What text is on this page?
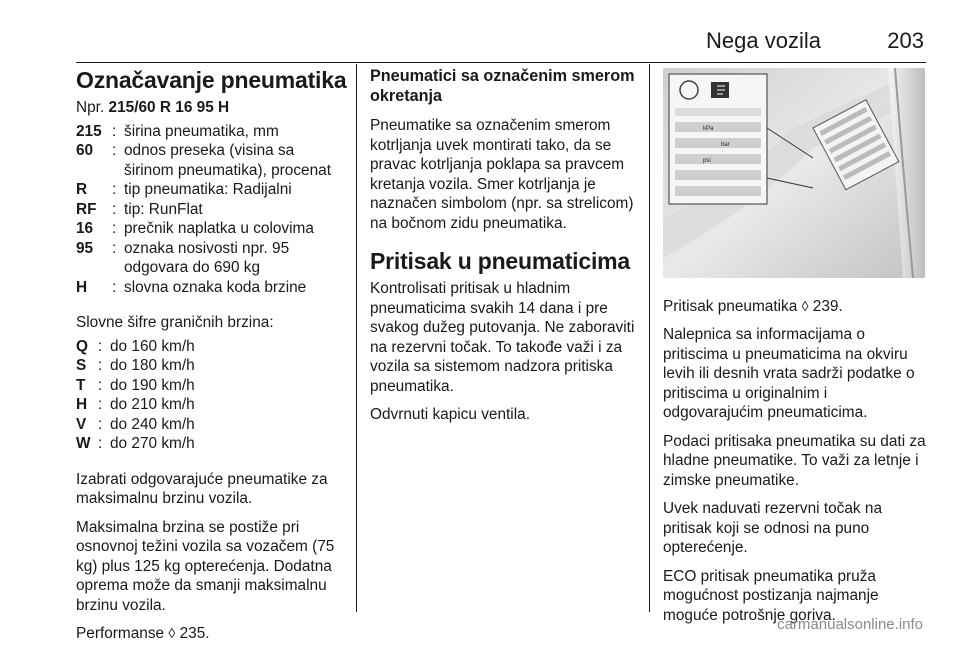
Nega vozila	203
Označavanje pneumatika

Npr. 215/60 R 16 95 H

215 : širina pneumatika, mm
60	: odnos preseka (visina sa širinom pneumatika), procenat
R	: tip pneumatika: Radijalni
RF	: tip: RunFlat
16	: prečnik naplatka u colovima
95	: oznaka nosivosti npr. 95 odgovara do 690 kg
H	: slovna oznaka koda brzine

Slovne šifre graničnih brzina:

Q : do 160 km/h
S : do 180 km/h
T : do 190 km/h
H : do 210 km/h
V : do 240 km/h
W : do 270 km/h

Izabrati odgovarajuće pneumatike za maksimalnu brzinu vozila.

Maksimalna brzina se postiže pri osnovnoj težini vozila sa vozačem (75 kg) plus 125 kg opterećenja. Dodatna oprema može da smanji maksimalnu brzinu vozila.

Performanse ◊ 235.

Pneumatici sa označenim smerom okretanja

Pneumatike sa označenim smerom kotrljanja uvek montirati tako, da se pravac kotrljanja poklapa sa pravcem kretanja vozila. Smer kotrljanja je naznačen simbolom (npr. sa strelicom) na bočnom zidu pneumatika.

Pritisak u pneumaticima

Kontrolisati pritisak u hladnim pneumaticima svakih 14 dana i pre svakog dužeg putovanja. Ne zaboraviti na rezervni točak. To takođe važi i za vozila sa sistemom nadzora pritiska pneumatika.

Odvrnuti kapicu ventila.

kPa
bar
psi

Pritisak pneumatika ◊ 239.

Nalepnica sa informacijama o pritiscima u pneumaticima na okviru levih ili desnih vrata sadrži podatke o pritiscima u originalnim i odgovarajućim pneumaticima.

Podaci pritisaka pneumatika su dati za hladne pneumatike. To važi za letnje i zimske pneumatike.

Uvek naduvati rezervni točak na pritisak koji se odnosi na puno opterećenje.

ECO pritisak pneumatika pruža mogućnost postizanja najmanje moguće potrošnje goriva.

carmanualsonline.info
